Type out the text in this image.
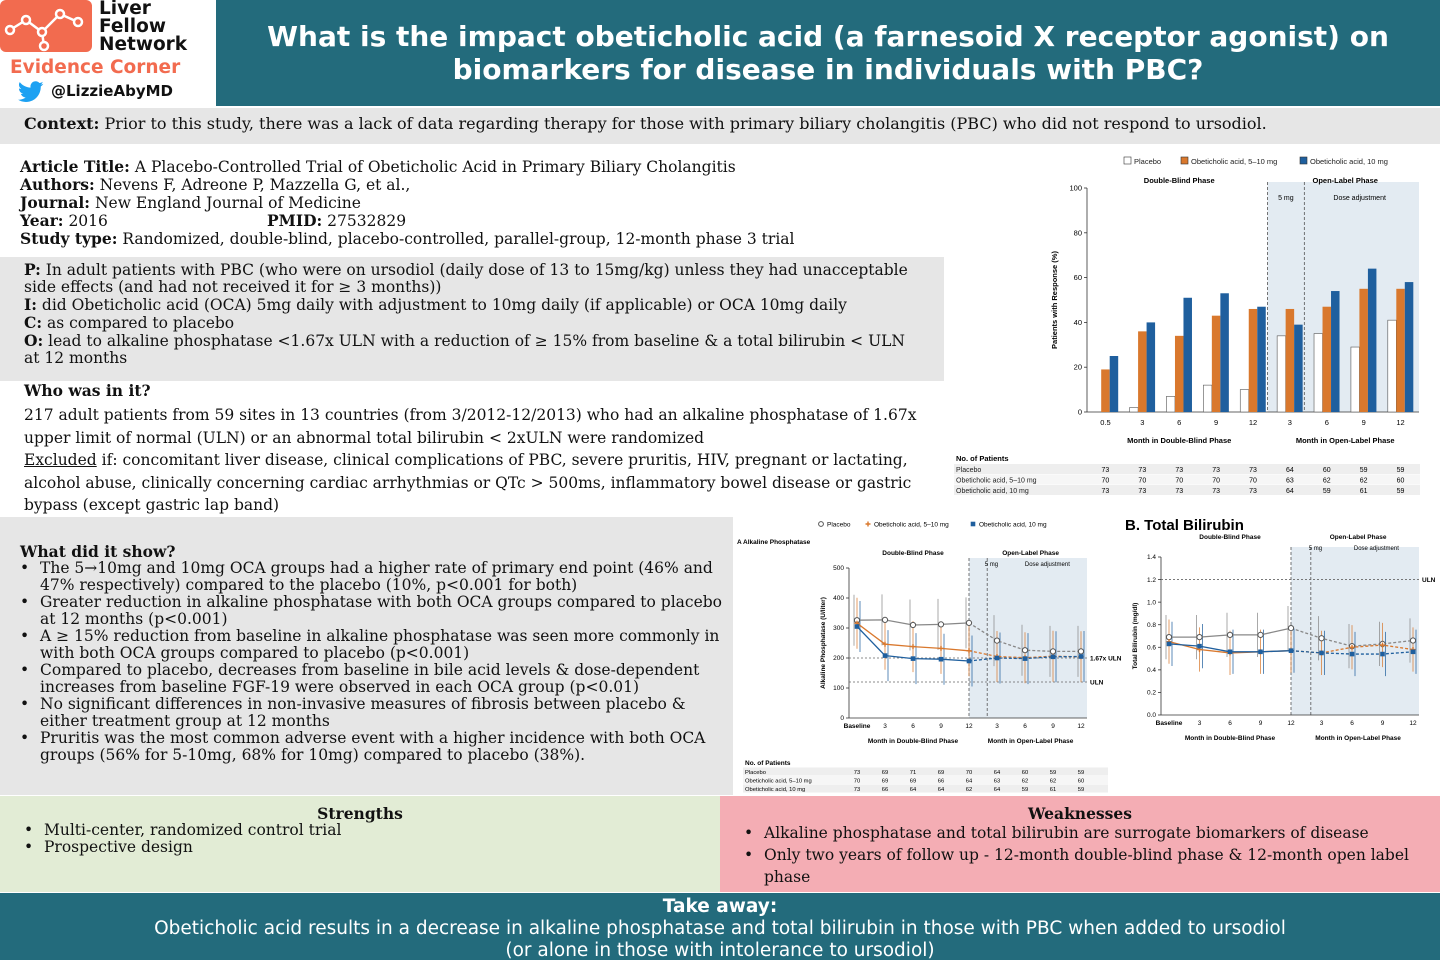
Liver
Fellow
Network
Evidence Corner
@LizzieAbyMD
What is the impact obeticholic acid (a farnesoid X receptor agonist) on
biomarkers for disease in individuals with PBC?
Context: Prior to this study, there was a lack of data regarding therapy for those with primary biliary cholangitis (PBC) who did not respond to ursodiol.
Article Title: A Placebo-Controlled Trial of Obeticholic Acid in Primary Biliary Cholangitis
Authors: Nevens F, Adreone P, Mazzella G, et al.,
Journal: New England Journal of Medicine
Year: 2016	PMID: 27532829
Study type: Randomized, double-blind, placebo-controlled, parallel-group, 12-month phase 3 trial
P: In adult patients with PBC (who were on ursodiol (daily dose of 13 to 15mg/kg) unless they had unacceptable side effects (and had not received it for ≥ 3 months))
I: did Obeticholic acid (OCA) 5mg daily with adjustment to 10mg daily (if applicable) or OCA 10mg daily
C: as compared to placebo
O: lead to alkaline phosphatase <1.67x ULN with a reduction of ≥ 15% from baseline & a total bilirubin < ULN at 12 months
Who was in it?
217 adult patients from 59 sites in 13 countries (from 3/2012-12/2013) who had an alkaline phosphatase of 1.67x upper limit of normal (ULN) or an abnormal total bilirubin < 2xULN were randomized
Excluded if: concomitant liver disease, clinical complications of PBC, severe pruritis, HIV, pregnant or lactating, alcohol abuse, clinically concerning cardiac arrhythmias or QTc > 500ms, inflammatory bowel disease or gastric bypass (except gastric lap band)
What did it show?
• The 5→10mg and 10mg OCA groups had a higher rate of primary end point (46% and 47% respectively) compared to the placebo (10%, p<0.001 for both)
• Greater reduction in alkaline phosphatase with both OCA groups compared to placebo at 12 months (p<0.001)
• A ≥ 15% reduction from baseline in alkaline phosphatase was seen more commonly in with both OCA groups compared to placebo (p<0.001)
• Compared to placebo, decreases from baseline in bile acid levels & dose-dependent increases from baseline FGF-19 were observed in each OCA group (p<0.01)
• No significant differences in non-invasive measures of fibrosis between placebo & either treatment group at 12 months
• Pruritis was the most common adverse event with a higher incidence with both OCA groups (56% for 5-10mg, 68% for 10mg) compared to placebo (38%).
Placebo	Obeticholic acid, 5–10 mg	Obeticholic acid, 10 mg
Double-Blind Phase	Open-Label Phase
5 mg	Dose adjustment
0
20
40
60
80
100
Patients with Response (%)
0.5	3	6	9	12	3	6	9	12
Month in Double-Blind Phase	Month in Open-Label Phase
No. of Patients
Placebo	73	73	73	73	73	64	60	59	59
Obeticholic acid, 5–10 mg	70	70	70	70	70	63	62	62	60
Obeticholic acid, 10 mg	73	73	73	73	73	64	59	61	59
Double-Blind Phase	Open-Label Phase
5 mg	Dose adjustment
0
100
200
300
400
500
Alkaline Phosphatase (U/liter)	1.67x ULN
ULN
Baseline 3	6	9	12	3	6	9	12
Month in Double-Blind Phase	Month in Open-Label Phase
Placebo	Obeticholic acid, 5–10 mg	Obeticholic acid, 10 mg
A Alkaline Phosphatase
No. of Patients
Placebo	73	69	71	69	70	64	60	59	59
Obeticholic acid, 5–10 mg	70	69	69	66	64	63	62	62	60
Obeticholic acid, 10 mg	73	66	64	64	62	64	59	61	59
Double-Blind Phase	Open-Label Phase
5 mg	Dose adjustment
0.0
0.2
0.4
0.6
0.8
1.0
1.2
1.4
Total Bilirubin (mg/dl)
ULN
Baseline 3	6	9	12	3	6	9	12
Month in Double-Blind Phase	Month in Open-Label Phase
B. Total Bilirubin
Strengths
• Multi-center, randomized control trial
• Prospective design
Weaknesses
• Alkaline phosphatase and total bilirubin are surrogate biomarkers of disease
• Only two years of follow up - 12-month double-blind phase & 12-month open label phase
Take away:
Obeticholic acid results in a decrease in alkaline phosphatase and total bilirubin in those with PBC when added to ursodiol
(or alone in those with intolerance to ursodiol)
